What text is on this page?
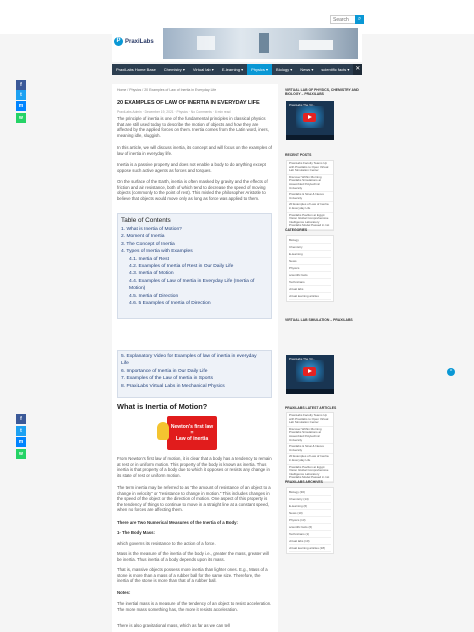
Search
⌕
P PraxiLabs
PraxiLabs Home Base	Chemistry ▾	Virtual lab ▾	E-learning ▾	Physics ▾	Biology ▾	News ▾	scientific facts ▾ ✕
f
t
m
w
f
t
m
w
Home / Physics / 20 Examples of Law of Inertia in Everyday Life
20 EXAMPLES OF LAW OF INERTIA IN EVERYDAY LIFE
PraxiLabs Admin · December 19, 2021 · Physics · No Comments · 6 min read
The principle of inertia is one of the fundamental principles in classical physics that are still used today to describe the motion of objects and how they are affected by the applied forces on them. Inertia comes from the Latin word, iners, meaning idle, sluggish.
In this article, we will discuss inertia, its concept and will focus on the examples of law of inertia in everyday life.
Inertia is a passive property and does not enable a body to do anything except oppose such active agents as forces and torques.
On the surface of the Earth, inertia is often masked by gravity and the effects of friction and air resistance, both of which tend to decrease the speed of moving objects (commonly to the point of rest). This misled the philosopher Aristotle to believe that objects would move only as long as force was applied to them.
Table of Contents
1. What is Inertia of Motion?
2. Moment of Inertia
3. The Concept of Inertia
4. Types of Inertia with Examples
4.1. Inertia of Rest
4.2. Examples of Inertia of Rest in Our Daily Life
4.3. Inertia of Motion
4.4. Examples of Law of Inertia in Everyday Life (Inertia of
Motion)
4.5. Inertia of Direction
4.6. 5 Examples of Inertia of Direction
5. Explanatory Video for Examples of law of inertia in everyday
Life
6. Importance of Inertia in Our Daily Life
7. Examples of the Law of Inertia in Sports
8. PraxiLabs Virtual Labs in Mechanical Physics
What is Inertia of Motion?
Newton's first law
=
Law of inertia
From Newton's first law of motion, it is clear that a body has a tendency to remain at rest or in uniform motion. This property of the body is known as inertia. Thus inertia is that property of a body due to which it opposes or resists any change in its state of rest or uniform motion.
The term inertia may be referred to as "the amount of resistance of an object to a change in velocity" or "resistance to change in motion." This includes changes in the speed of the object or the direction of motion. One aspect of this property is the tendency of things to continue to move in a straight line at a constant speed, when no forces are affecting them.
There are Two Numerical Measures of the Inertia of a Body:
1- The Body Mass:
which governs its resistance to the action of a force.
Mass is the measure of the inertia of the body i.e., greater the mass, greater will be inertia. Thus inertia of a body depends upon its mass.
That is, massive objects possess more inertia than lighter ones. E.g., Mass of a stone is more than a mass of a rubber ball for the same size. Therefore, the inertia of the stone is more than that of a rubber ball.
Notes:
The inertial mass is a measure of the tendency of an object to resist acceleration. The more mass something has, the more it resists acceleration.
There is also gravitational mass, which as far as we can tell
VIRTUAL LAB OF PHYSICS, CHEMISTRY AND BIOLOGY – PRAXILABS
PraxiLabs The Vir...
RECENT POSTS
PraxiLabs Faculty Teams Up with Praxilabs to Open Virtual Lab Simulation Center
Discover Within Morning Praxilabs Simulations at Assembled Polytechnic University
Praxilabs & Sinai & Nexus University
20 Examples of Law of Inertia in Everyday Life
Praxilabs Pavilion at Egypt Vision Global Comprehensive Intelligence Laboratory Praxilabs Model Passed in 1st
CATEGORIES
Biology
Chemistry
E-learning
News
Physics
scientific facts
Technicians
virtual labs
virtual learning articles
VIRTUAL LAB SIMULATION – PRAXILABS
PraxiLabs The Vir...
PRAXILABS LATEST ARTICLES
PraxiLabs Faculty Teams Up with Praxilabs to Open Virtual Lab Simulation Center
Discover Within Morning Praxilabs Simulations at Assembled Polytechnic University
Praxilabs & Sinai & Nexus University
20 Examples of Law of Inertia in Everyday Life
Praxilabs Pavilion at Egypt Vision Global Comprehensive Intelligence Laboratory Praxilabs Model Passed in 1st
PRAXILABS ARCHIVES
Biology (30)
Chemistry (14)
E-learning (6)
News (10)
Physics (13)
scientific facts (6)
Technicians (1)
virtual labs (10)
virtual learning articles (18)
^
